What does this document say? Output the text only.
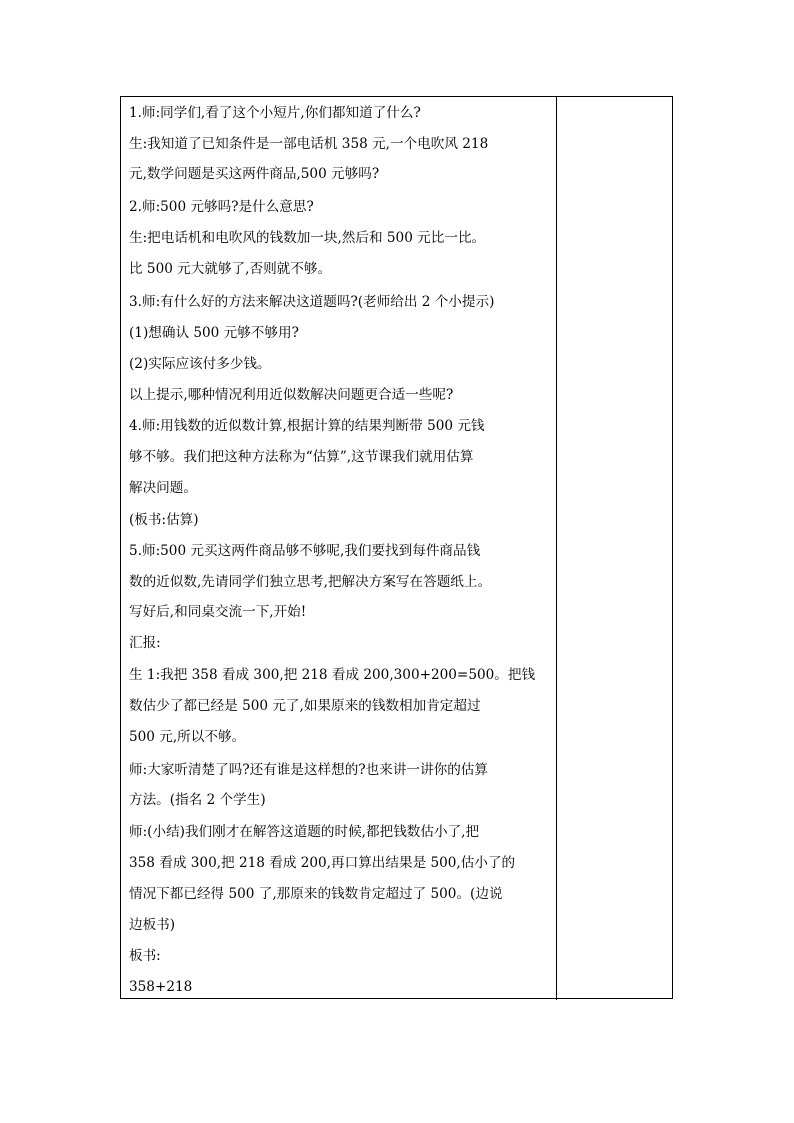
1.师:同学们,看了这个小短片,你们都知道了什么?
生:我知道了已知条件是一部电话机 358 元,一个电吹风 218
元,数学问题是买这两件商品,500 元够吗?
2.师:500 元够吗?是什么意思?
生:把电话机和电吹风的钱数加一块,然后和 500 元比一比。
比 500 元大就够了,否则就不够。
3.师:有什么好的方法来解决这道题吗?(老师给出 2 个小提示)
(1)想确认 500 元够不够用?
(2)实际应该付多少钱。
以上提示,哪种情况利用近似数解决问题更合适一些呢?
4.师:用钱数的近似数计算,根据计算的结果判断带 500 元钱
够不够。我们把这种方法称为“估算”,这节课我们就用估算
解决问题。
(板书:估算)
5.师:500 元买这两件商品够不够呢,我们要找到每件商品钱
数的近似数,先请同学们独立思考,把解决方案写在答题纸上。
写好后,和同桌交流一下,开始!
汇报:
生 1:我把 358 看成 300,把 218 看成 200,300+200=500。把钱
数估少了都已经是 500 元了,如果原来的钱数相加肯定超过
500 元,所以不够。
师:大家听清楚了吗?还有谁是这样想的?也来讲一讲你的估算
方法。(指名 2 个学生)
师:(小结)我们刚才在解答这道题的时候,都把钱数估小了,把
358 看成 300,把 218 看成 200,再口算出结果是 500,估小了的
情况下都已经得 500 了,那原来的钱数肯定超过了 500。(边说
边板书)
板书:
358+218
